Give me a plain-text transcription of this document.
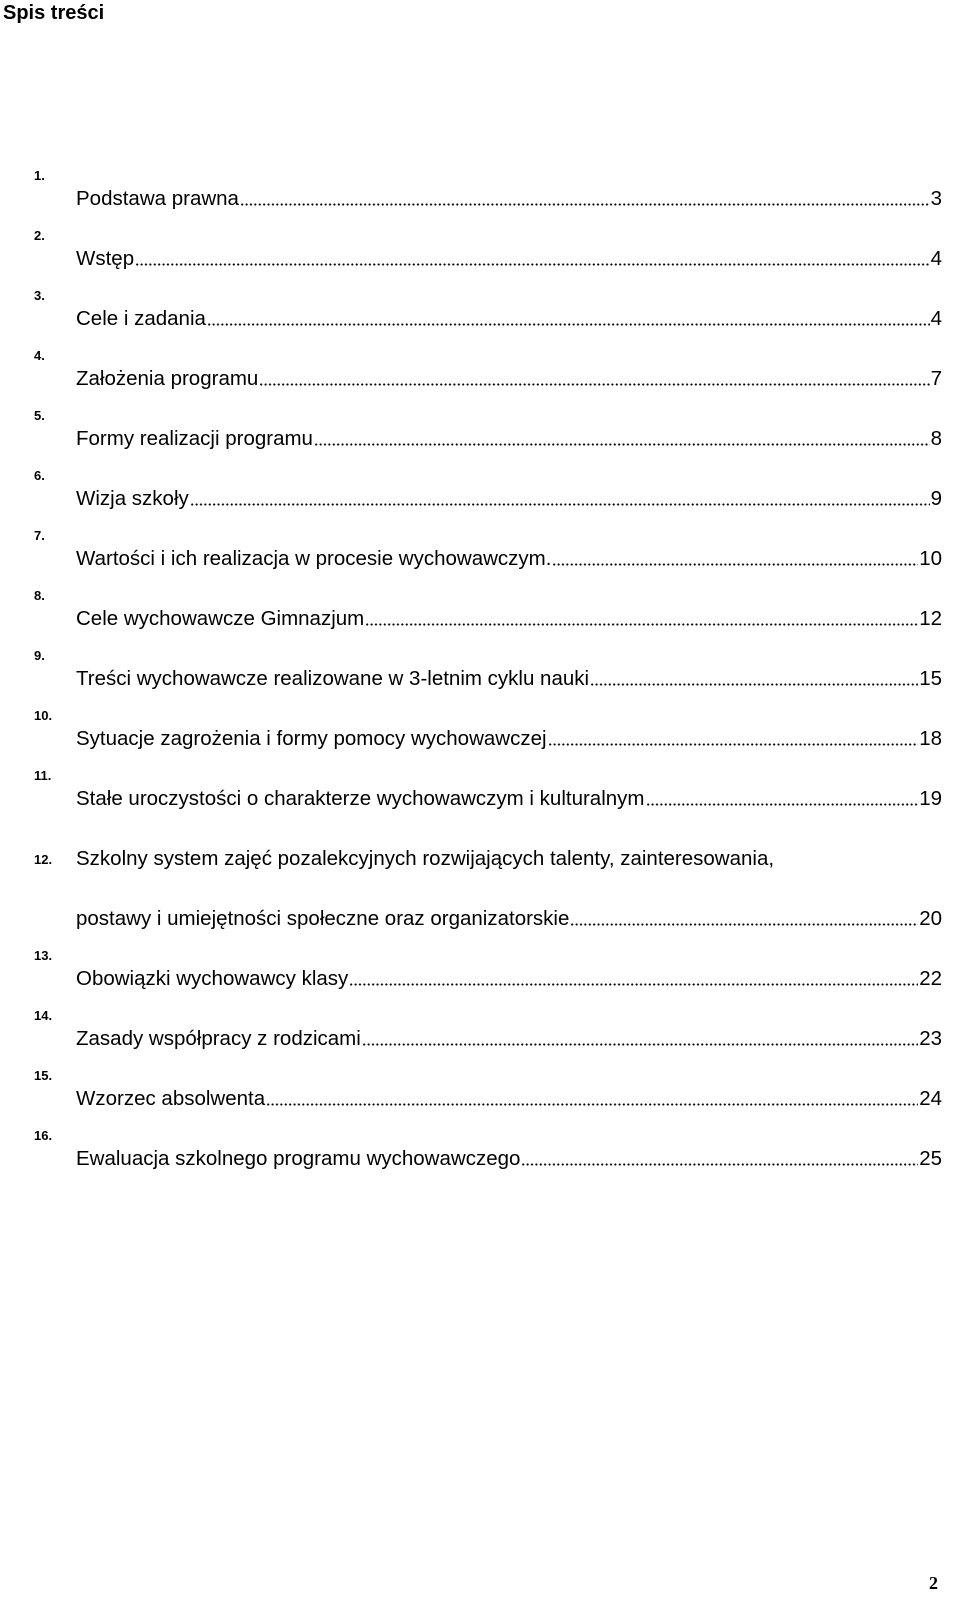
Spis treści
1.
Podstawa prawna	3
2.
Wstęp	4
3.
Cele i zadania	4
4.
Założenia programu	7
5.
Formy realizacji programu	8
6.
Wizja szkoły	9
7.
Wartości i ich realizacja w procesie wychowawczym.	10
8.
Cele wychowawcze Gimnazjum	12
9.
Treści wychowawcze realizowane w 3-letnim cyklu nauki	15
10.
Sytuacje zagrożenia i formy pomocy wychowawczej	18
11.
Stałe uroczystości o charakterze wychowawczym i kulturalnym	19
12. Szkolny system zajęć pozalekcyjnych rozwijających talenty, zainteresowania,
postawy i umiejętności społeczne oraz organizatorskie	20
13.
Obowiązki wychowawcy klasy	22
14.
Zasady współpracy z rodzicami	23
15.
Wzorzec absolwenta	24
16.
Ewaluacja szkolnego programu wychowawczego	25
2
